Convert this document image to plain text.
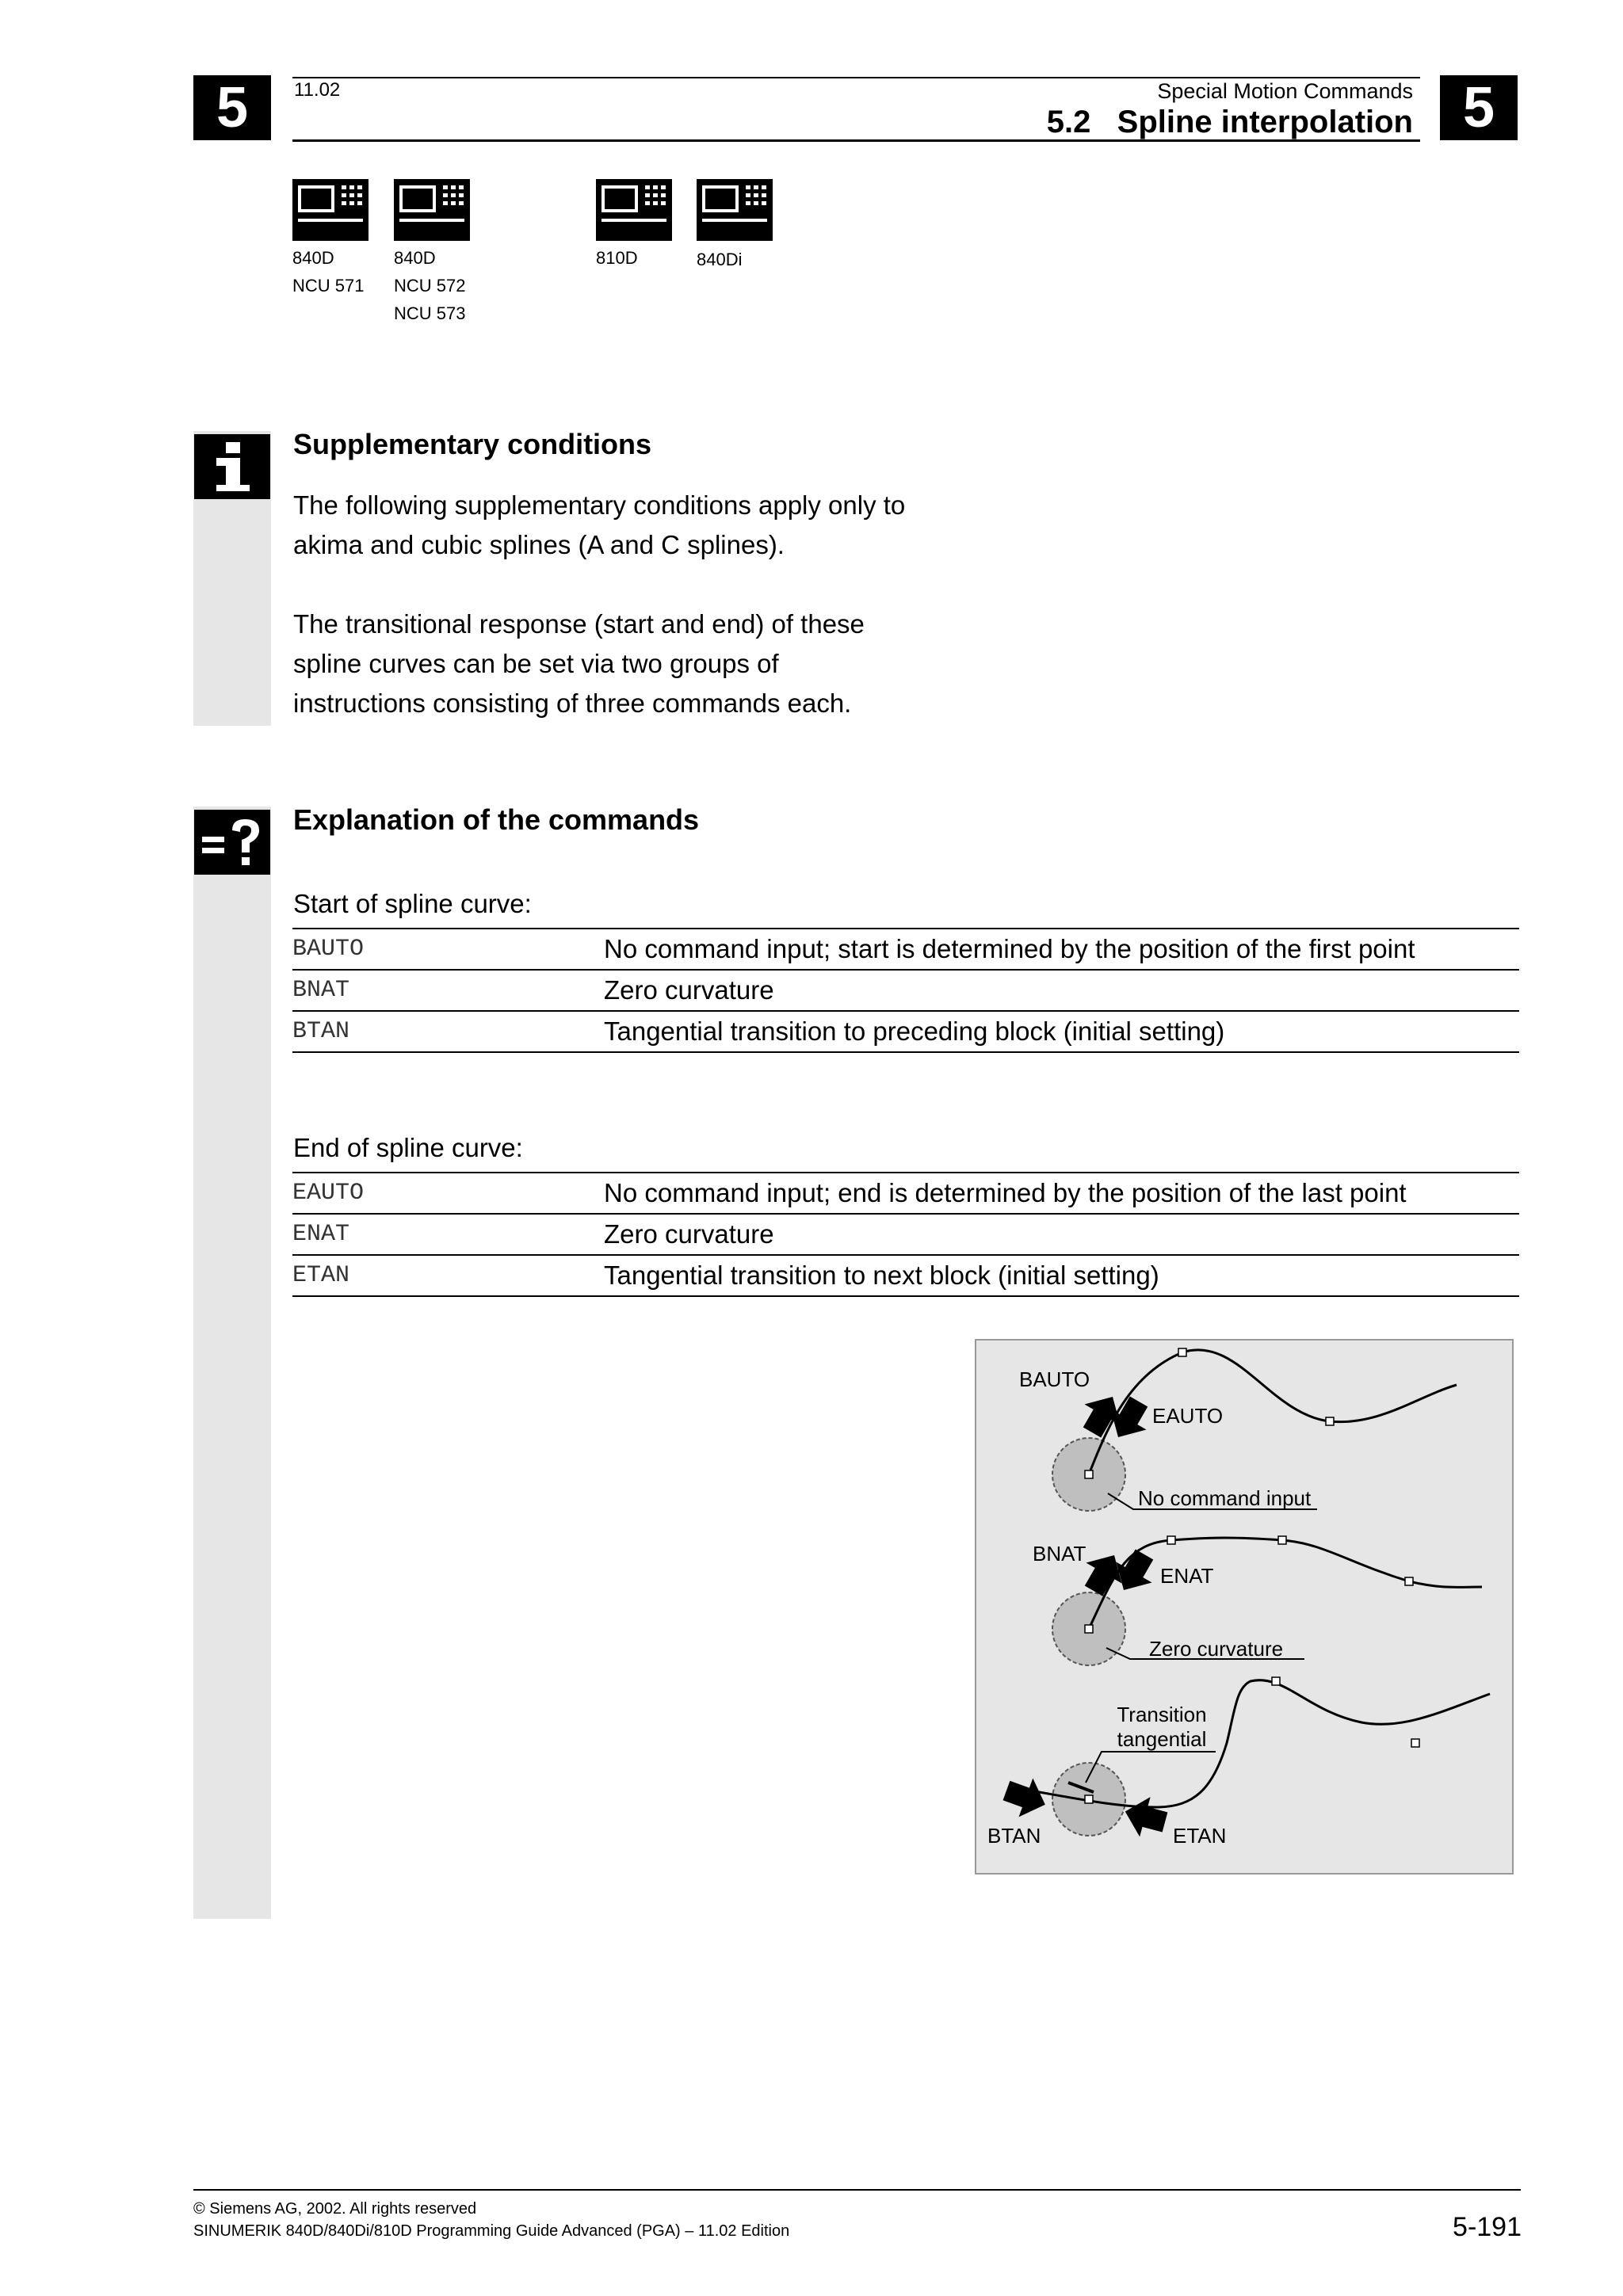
5	11.02	Special Motion Commands
5.2   Spline interpolation 5
840D
NCU 571
840D
NCU 572
NCU 573
810D	840Di
Supplementary conditions

The following supplementary conditions apply only to
akima and cubic splines (A and C splines).

The transitional response (start and end) of these
spline curves can be set via two groups of
instructions consisting of three commands each.

Explanation of the commands
Start of spline curve:
BAUTO	No command input; start is determined by the position of the first point
BNAT	Zero curvature
BTAN	Tangential transition to preceding block (initial setting)
End of spline curve:
EAUTO	No command input; end is determined by the position of the last point
ENAT	Zero curvature
ETAN	Tangential transition to next block (initial setting)
BAUTO
EAUTO
No command input
BNAT
ENAT
Zero curvature
Transition
tangential
BTAN	ETAN
© Siemens AG, 2002. All rights reserved
SINUMERIK 840D/840Di/810D Programming Guide Advanced (PGA) – 11.02 Edition	5-191
